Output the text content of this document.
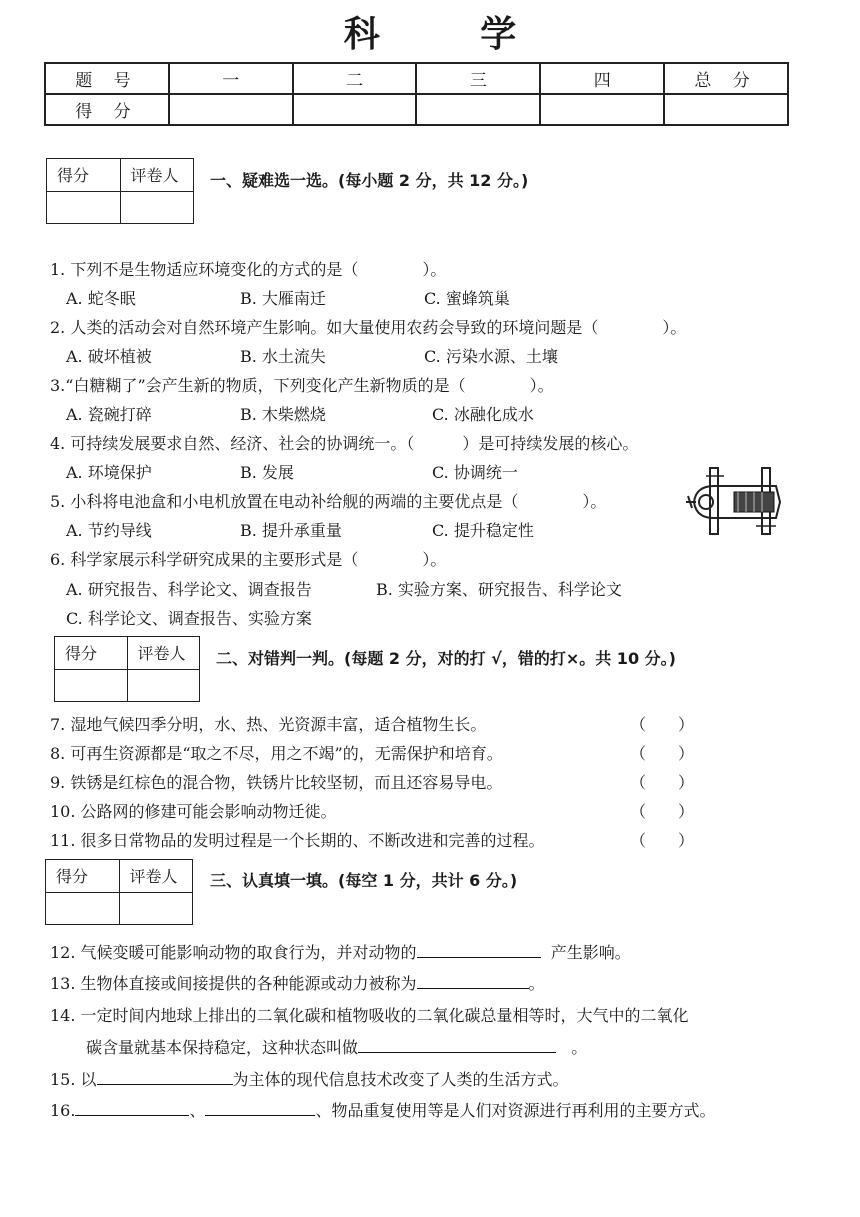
科 学
题 号	一	二	三	四	总 分
得 分					
得分	评卷人
	一、疑难选一选。(每小题 2 分，共 12 分。)
1. 下列不是生物适应环境变化的方式的是（　　　　）。
A. 蛇冬眠	B. 大雁南迁	C. 蜜蜂筑巢
2. 人类的活动会对自然环境产生影响。如大量使用农药会导致的环境问题是（　　　　）。
A. 破坏植被	B. 水土流失	C. 污染水源、土壤
3.“白糖糊了”会产生新的物质，下列变化产生新物质的是（　　　　）。
A. 瓷碗打碎	B. 木柴燃烧	C. 冰融化成水
4. 可持续发展要求自然、经济、社会的协调统一。（　　　）是可持续发展的核心。
A. 环境保护	B. 发展	C. 协调统一
5. 小科将电池盒和小电机放置在电动补给舰的两端的主要优点是（　　　　）。
A. 节约导线	B. 提升承重量	C. 提升稳定性
6. 科学家展示科学研究成果的主要形式是（　　　　）。
A. 研究报告、科学论文、调查报告	B. 实验方案、研究报告、科学论文
C. 科学论文、调查报告、实验方案
得分	评卷人
	二、对错判一判。(每题 2 分，对的打 √，错的打×。共 10 分。)
7. 湿地气候四季分明，水、热、光资源丰富，适合植物生长。	（　　）
8. 可再生资源都是“取之不尽，用之不竭”的，无需保护和培育。	（　　）
9. 铁锈是红棕色的混合物，铁锈片比较坚韧，而且还容易导电。	（　　）
10. 公路网的修建可能会影响动物迁徙。	（　　）
11. 很多日常物品的发明过程是一个长期的、不断改进和完善的过程。	（　　）
得分	评卷人
	三、认真填一填。(每空 1 分，共计 6 分。)
12. 气候变暖可能影响动物的取食行为，并对动物的	产生影响。
13. 生物体直接或间接提供的各种能源或动力被称为	。
14. 一定时间内地球上排出的二氧化碳和植物吸收的二氧化碳总量相等时，大气中的二氧化
碳含量就基本保持稳定，这种状态叫做	。
15. 以	为主体的现代信息技术改变了人类的生活方式。
16.	、	、物品重复使用等是人们对资源进行再利用的主要方式。
